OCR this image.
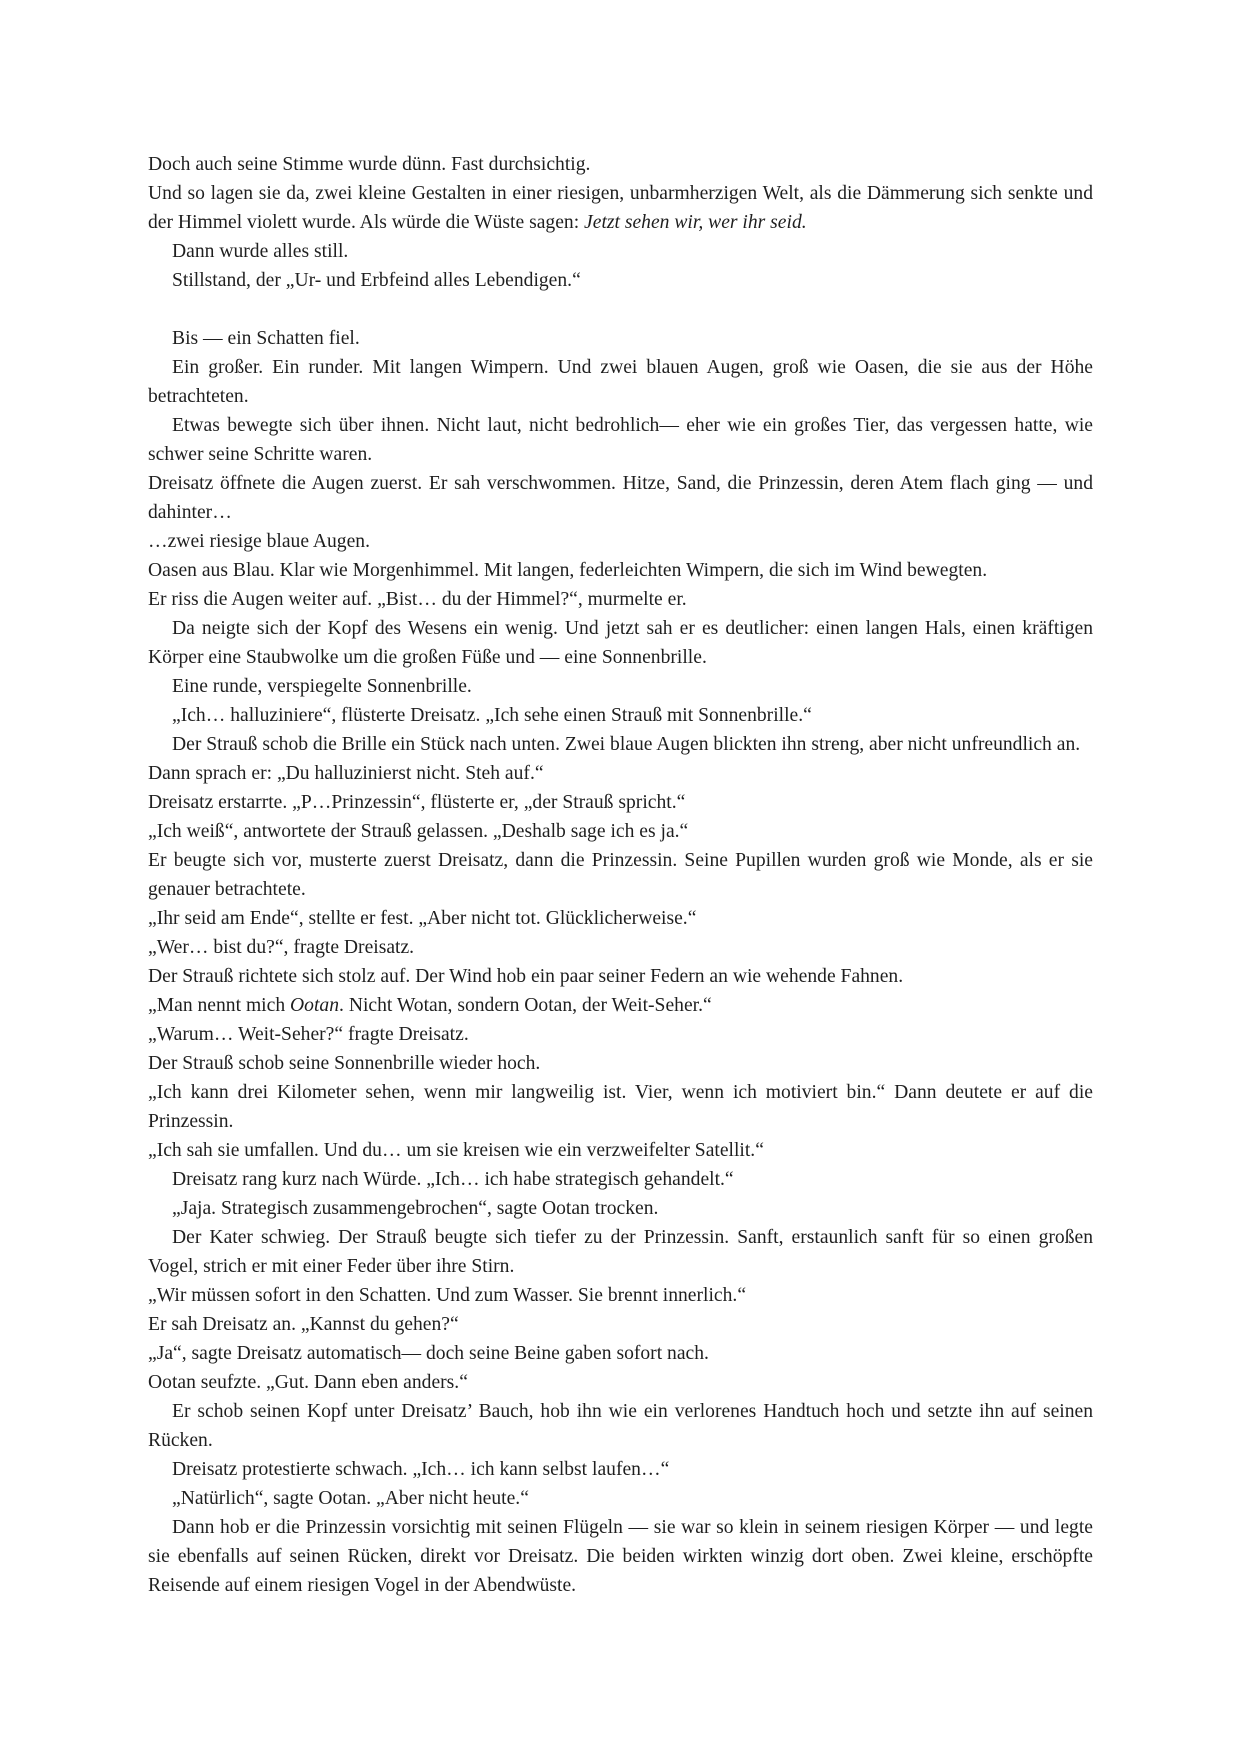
Doch auch seine Stimme wurde dünn. Fast durchsichtig.

Und so lagen sie da, zwei kleine Gestalten in einer riesigen, unbarmherzigen Welt, als die Dämmerung sich senkte und der Himmel violett wurde. Als würde die Wüste sagen: Jetzt sehen wir, wer ihr seid.

Dann wurde alles still.

Stillstand, der „Ur- und Erbfeind alles Lebendigen.“

Bis — ein Schatten fiel.

Ein großer. Ein runder. Mit langen Wimpern. Und zwei blauen Augen, groß wie Oasen, die sie aus der Höhe betrachteten.

Etwas bewegte sich über ihnen. Nicht laut, nicht bedrohlich— eher wie ein großes Tier, das vergessen hatte, wie schwer seine Schritte waren.

Dreisatz öffnete die Augen zuerst. Er sah verschwommen. Hitze, Sand, die Prinzessin, deren Atem flach ging — und dahinter…

…zwei riesige blaue Augen.

Oasen aus Blau. Klar wie Morgenhimmel. Mit langen, federleichten Wimpern, die sich im Wind bewegten.

Er riss die Augen weiter auf. „Bist… du der Himmel?“, murmelte er.

Da neigte sich der Kopf des Wesens ein wenig. Und jetzt sah er es deutlicher: einen langen Hals, einen kräftigen Körper eine Staubwolke um die großen Füße und — eine Sonnenbrille.

Eine runde, verspiegelte Sonnenbrille.

„Ich… halluziniere“, flüsterte Dreisatz. „Ich sehe einen Strauß mit Sonnenbrille.“

Der Strauß schob die Brille ein Stück nach unten. Zwei blaue Augen blickten ihn streng, aber nicht unfreundlich an.

Dann sprach er: „Du halluzinierst nicht. Steh auf.“

Dreisatz erstarrte. „P…Prinzessin“, flüsterte er, „der Strauß spricht.“

„Ich weiß“, antwortete der Strauß gelassen. „Deshalb sage ich es ja.“

Er beugte sich vor, musterte zuerst Dreisatz, dann die Prinzessin. Seine Pupillen wurden groß wie Monde, als er sie genauer betrachtete.

„Ihr seid am Ende“, stellte er fest. „Aber nicht tot. Glücklicherweise.“

„Wer… bist du?“, fragte Dreisatz.

Der Strauß richtete sich stolz auf. Der Wind hob ein paar seiner Federn an wie wehende Fahnen.

„Man nennt mich Ootan. Nicht Wotan, sondern Ootan, der Weit-Seher.“

„Warum… Weit-Seher?“ fragte Dreisatz.

Der Strauß schob seine Sonnenbrille wieder hoch.

„Ich kann drei Kilometer sehen, wenn mir langweilig ist. Vier, wenn ich motiviert bin.“ Dann deutete er auf die Prinzessin.

„Ich sah sie umfallen. Und du… um sie kreisen wie ein verzweifelter Satellit.“

Dreisatz rang kurz nach Würde. „Ich… ich habe strategisch gehandelt.“

„Jaja. Strategisch zusammengebrochen“, sagte Ootan trocken.

Der Kater schwieg. Der Strauß beugte sich tiefer zu der Prinzessin. Sanft, erstaunlich sanft für so einen großen Vogel, strich er mit einer Feder über ihre Stirn.

„Wir müssen sofort in den Schatten. Und zum Wasser. Sie brennt innerlich.“

Er sah Dreisatz an. „Kannst du gehen?“

„Ja“, sagte Dreisatz automatisch— doch seine Beine gaben sofort nach.

Ootan seufzte. „Gut. Dann eben anders.“

Er schob seinen Kopf unter Dreisatz’ Bauch, hob ihn wie ein verlorenes Handtuch hoch und setzte ihn auf seinen Rücken.

Dreisatz protestierte schwach. „Ich… ich kann selbst laufen…“

„Natürlich“, sagte Ootan. „Aber nicht heute.“

Dann hob er die Prinzessin vorsichtig mit seinen Flügeln — sie war so klein in seinem riesigen Körper — und legte sie ebenfalls auf seinen Rücken, direkt vor Dreisatz. Die beiden wirkten winzig dort oben. Zwei kleine, erschöpfte Reisende auf einem riesigen Vogel in der Abendwüste.
